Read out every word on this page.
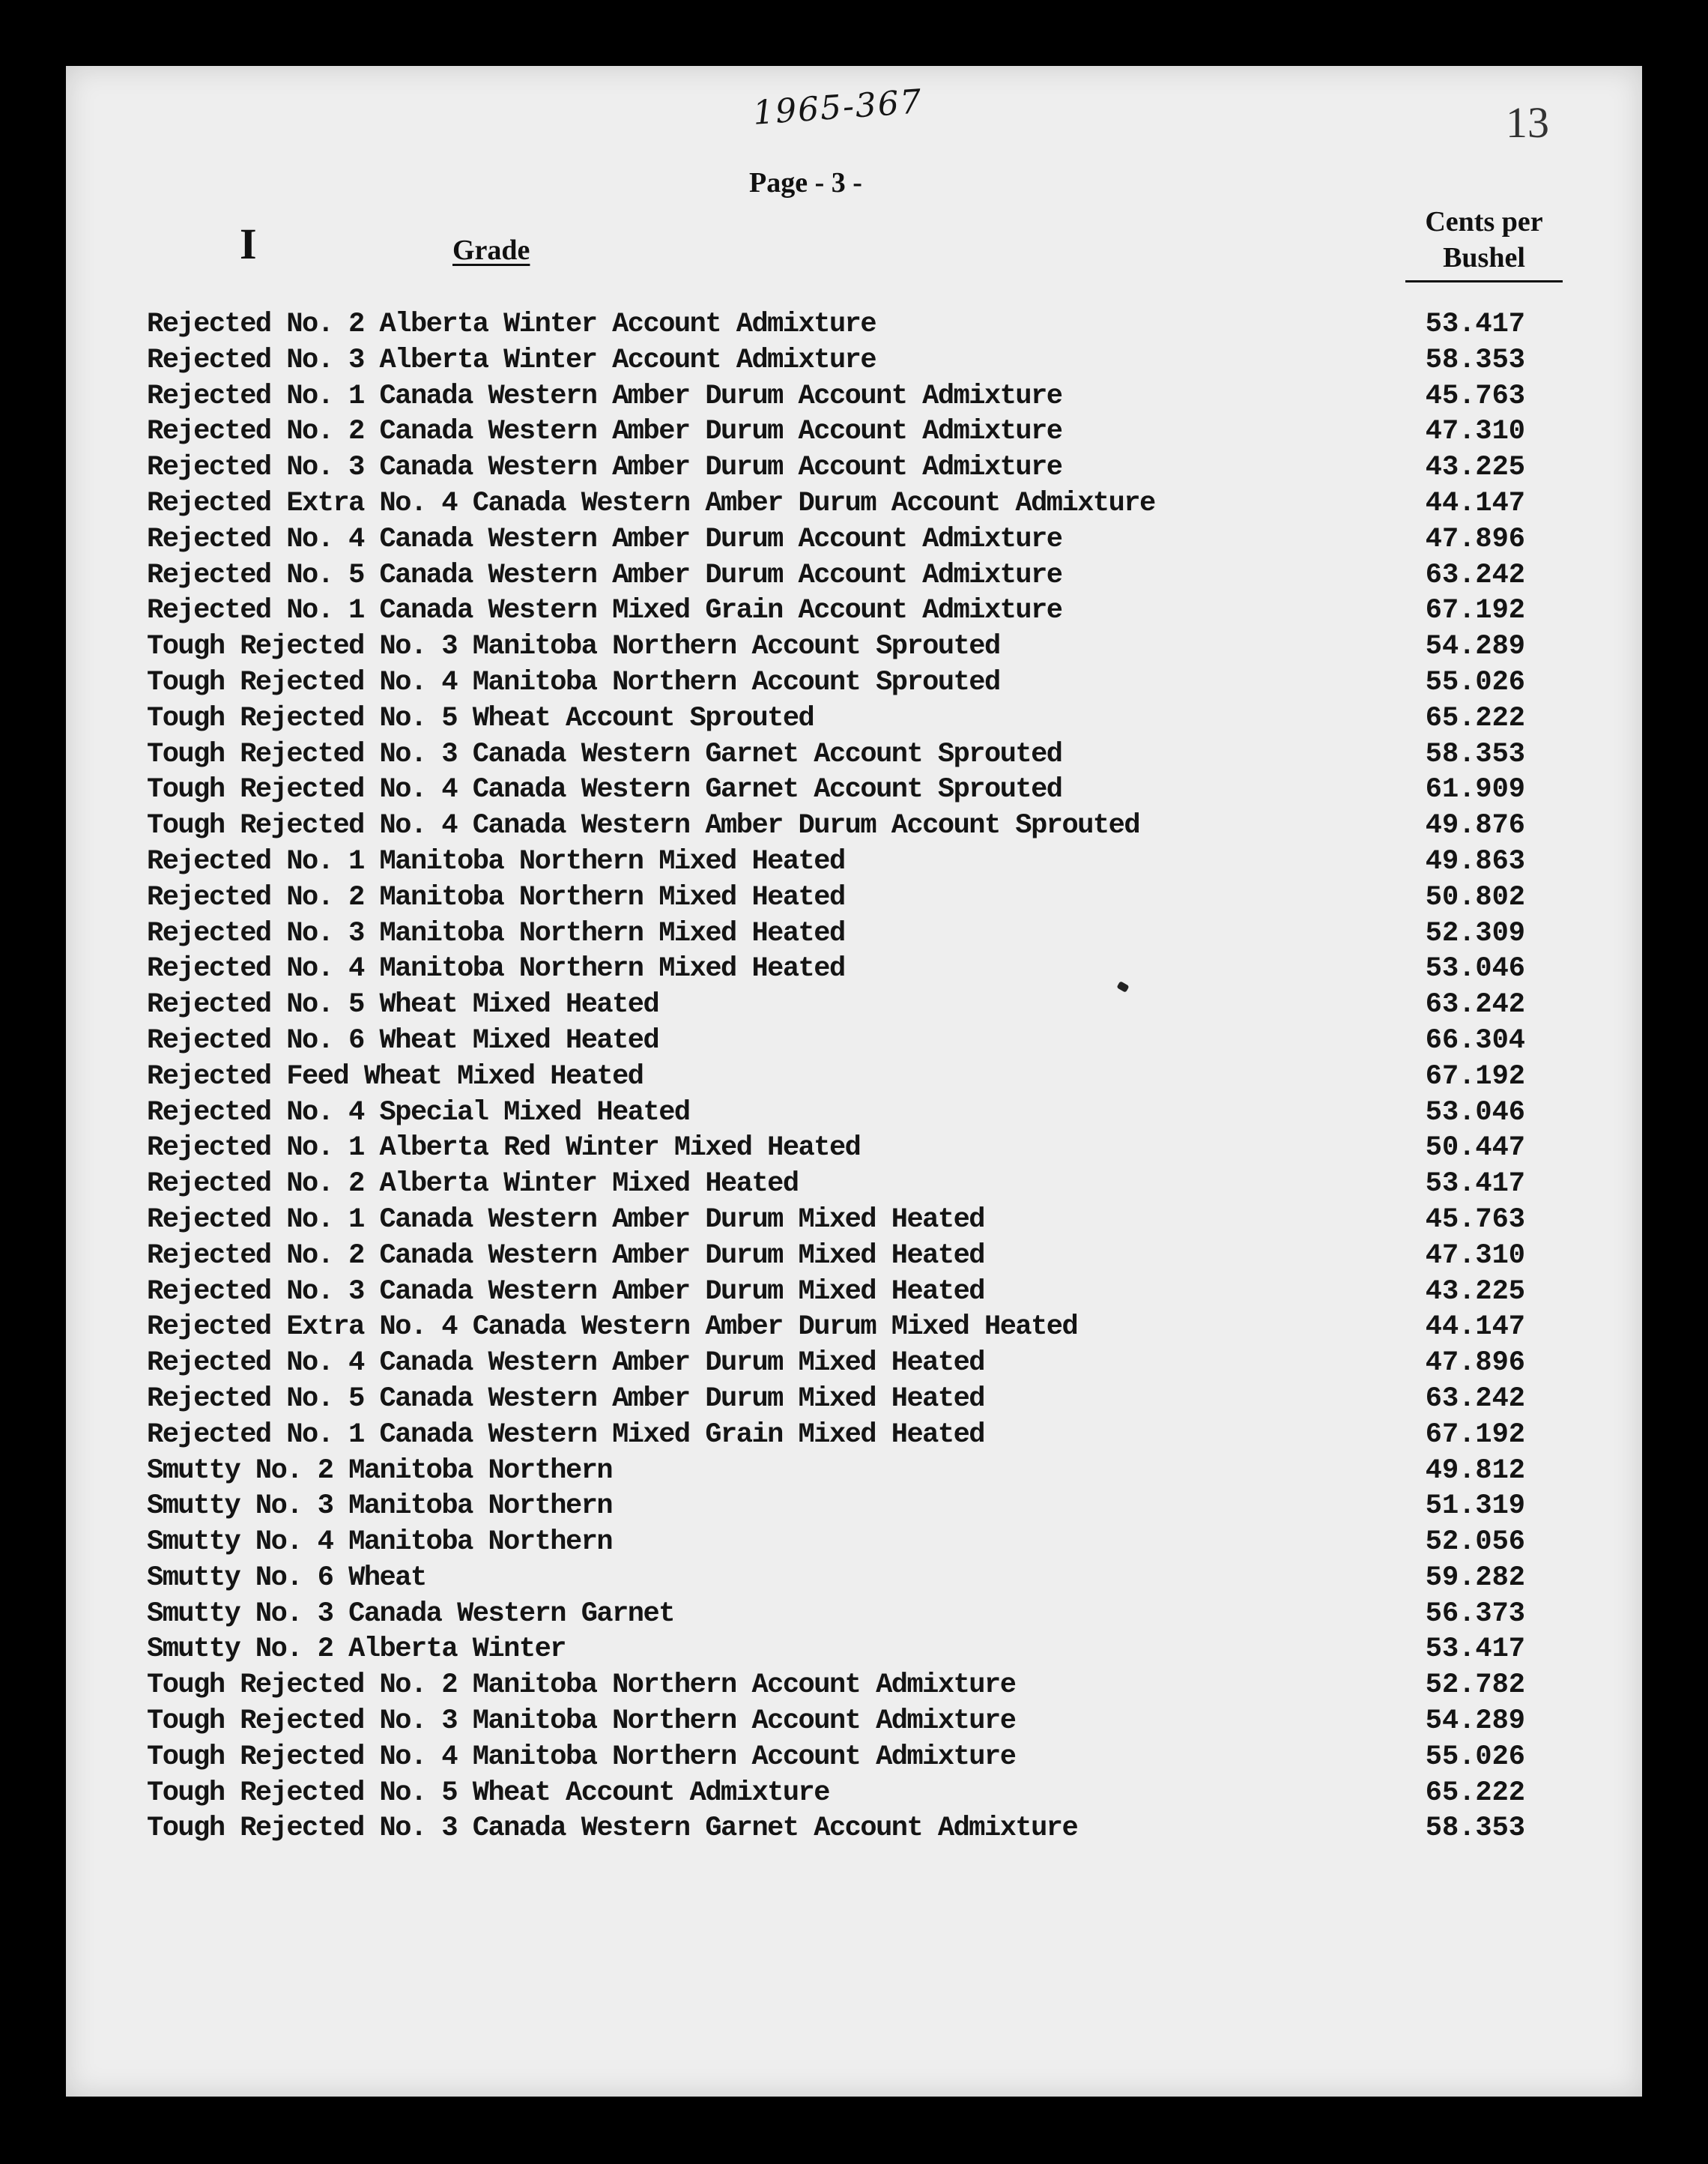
1965-367	13
Page - 3 -
I	Grade
Cents per
Bushel
Rejected No. 2 Alberta Winter Account Admixture	53.417
Rejected No. 3 Alberta Winter Account Admixture	58.353
Rejected No. 1 Canada Western Amber Durum Account Admixture	45.763
Rejected No. 2 Canada Western Amber Durum Account Admixture	47.310
Rejected No. 3 Canada Western Amber Durum Account Admixture	43.225
Rejected Extra No. 4 Canada Western Amber Durum Account Admixture	44.147
Rejected No. 4 Canada Western Amber Durum Account Admixture	47.896
Rejected No. 5 Canada Western Amber Durum Account Admixture	63.242
Rejected No. 1 Canada Western Mixed Grain Account Admixture	67.192
Tough Rejected No. 3 Manitoba Northern Account Sprouted	54.289
Tough Rejected No. 4 Manitoba Northern Account Sprouted	55.026
Tough Rejected No. 5 Wheat Account Sprouted	65.222
Tough Rejected No. 3 Canada Western Garnet Account Sprouted	58.353
Tough Rejected No. 4 Canada Western Garnet Account Sprouted	61.909
Tough Rejected No. 4 Canada Western Amber Durum Account Sprouted	49.876
Rejected No. 1 Manitoba Northern Mixed Heated	49.863
Rejected No. 2 Manitoba Northern Mixed Heated	50.802
Rejected No. 3 Manitoba Northern Mixed Heated	52.309
Rejected No. 4 Manitoba Northern Mixed Heated	53.046
Rejected No. 5 Wheat Mixed Heated	63.242
Rejected No. 6 Wheat Mixed Heated	66.304
Rejected Feed Wheat Mixed Heated	67.192
Rejected No. 4 Special Mixed Heated	53.046
Rejected No. 1 Alberta Red Winter Mixed Heated	50.447
Rejected No. 2 Alberta Winter Mixed Heated	53.417
Rejected No. 1 Canada Western Amber Durum Mixed Heated	45.763
Rejected No. 2 Canada Western Amber Durum Mixed Heated	47.310
Rejected No. 3 Canada Western Amber Durum Mixed Heated	43.225
Rejected Extra No. 4 Canada Western Amber Durum Mixed Heated	44.147
Rejected No. 4 Canada Western Amber Durum Mixed Heated	47.896
Rejected No. 5 Canada Western Amber Durum Mixed Heated	63.242
Rejected No. 1 Canada Western Mixed Grain Mixed Heated	67.192
Smutty No. 2 Manitoba Northern	49.812
Smutty No. 3 Manitoba Northern	51.319
Smutty No. 4 Manitoba Northern	52.056
Smutty No. 6 Wheat	59.282
Smutty No. 3 Canada Western Garnet	56.373
Smutty No. 2 Alberta Winter	53.417
Tough Rejected No. 2 Manitoba Northern Account Admixture	52.782
Tough Rejected No. 3 Manitoba Northern Account Admixture	54.289
Tough Rejected No. 4 Manitoba Northern Account Admixture	55.026
Tough Rejected No. 5 Wheat Account Admixture	65.222
Tough Rejected No. 3 Canada Western Garnet Account Admixture	58.353
